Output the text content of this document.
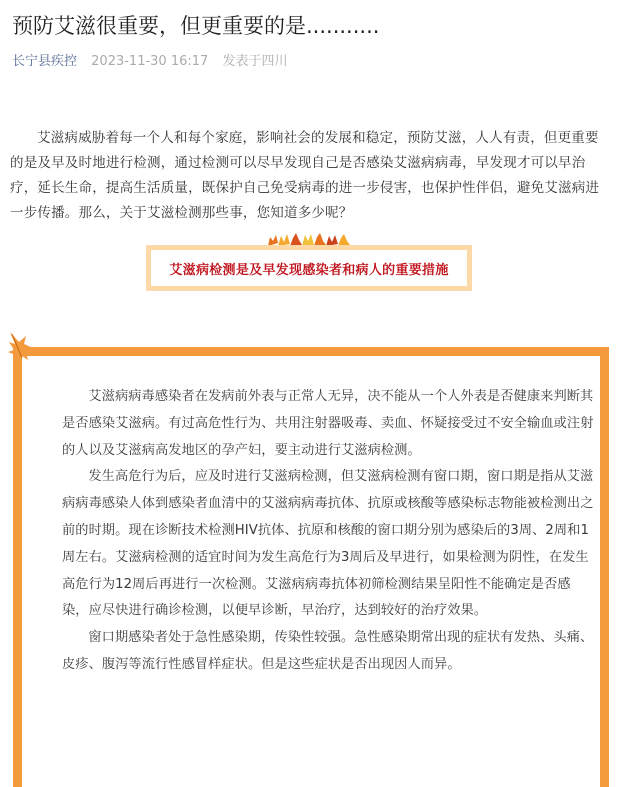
预防艾滋很重要，但更重要的是...........
长宁县疾控 2023-11-30 16:17 发表于四川

艾滋病威胁着每一个人和每个家庭，影响社会的发展和稳定，预防艾滋，人人有责，但更重要的是及早及时地进行检测，通过检测可以尽早发现自己是否感染艾滋病病毒，早发现才可以早治疗，延长生命，提高生活质量，既保护自己免受病毒的进一步侵害，也保护性伴侣，避免艾滋病进一步传播。那么，关于艾滋检测那些事，您知道多少呢？

艾滋病检测是及早发现感染者和病人的重要措施

艾滋病病毒感染者在发病前外表与正常人无异，决不能从一个人外表是否健康来判断其是否感染艾滋病。有过高危性行为、共用注射器吸毒、卖血、怀疑接受过不安全输血或注射的人以及艾滋病高发地区的孕产妇，要主动进行艾滋病检测。

发生高危行为后，应及时进行艾滋病检测，但艾滋病检测有窗口期，窗口期是指从艾滋病病毒感染人体到感染者血清中的艾滋病病毒抗体、抗原或核酸等感染标志物能被检测出之前的时期。现在诊断技术检测HIV抗体、抗原和核酸的窗口期分别为感染后的3周、2周和1周左右。艾滋病检测的适宜时间为发生高危行为3周后及早进行，如果检测为阴性，在发生高危行为12周后再进行一次检测。艾滋病病毒抗体初筛检测结果呈阳性不能确定是否感染，应尽快进行确诊检测，以便早诊断，早治疗，达到较好的治疗效果。

窗口期感染者处于急性感染期，传染性较强。急性感染期常出现的症状有发热、头痛、皮疹、腹泻等流行性感冒样症状。但是这些症状是否出现因人而异。
